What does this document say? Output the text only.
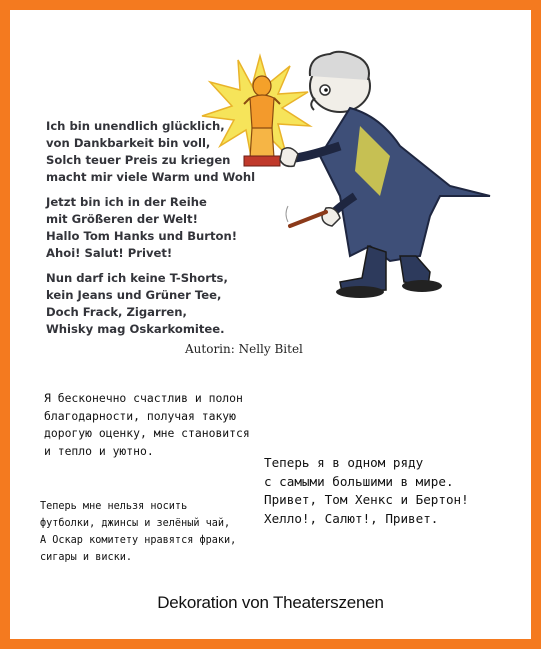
Ich bin unendlich glücklich,

von Dankbarkeit bin voll,

Solch teuer Preis zu kriegen

macht mir viele Warm und Wohl

Jetzt bin ich in der Reihe

mit Größeren der Welt!

Hallo Tom Hanks und Burton!

Ahoi! Salut! Privet!

Nun darf ich keine T-Shorts,

kein Jeans und Grüner Tee,

Doch Frack, Zigarren,

Whisky mag Oskarkomitee.

Autorin: Nelly Bitel

Я бесконечно счастлив и полон

благодарности, получая такую

дорогую оценку, мне становится

и тепло и уютно.

Теперь я в одном ряду

с самыми большими в мире.

Привет, Том Хенкс и Бертон!

Хелло!, Салют!, Привет.

Теперь мне нельзя носить

футболки, джинсы и зелёный чай,

А Оскар комитету нравятся фраки,

сигары и виски.

Dekoration von Theaterszenen
